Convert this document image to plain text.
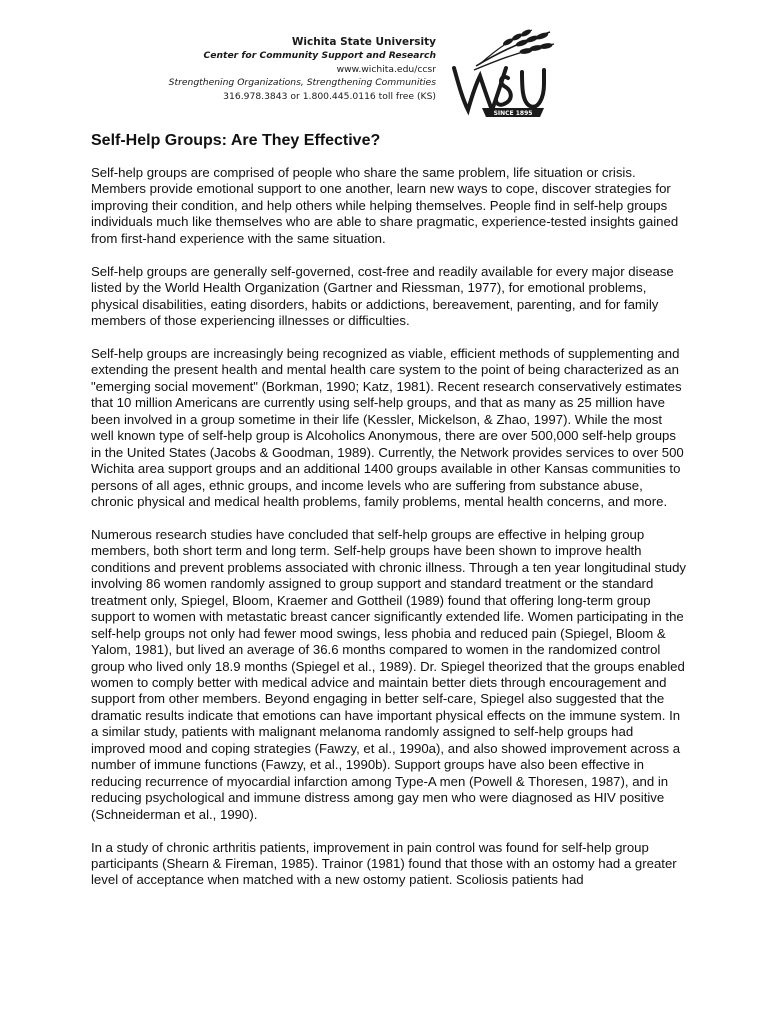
Wichita State University
Center for Community Support and Research
www.wichita.edu/ccsr
Strengthening Organizations, Strengthening Communities
316.978.3843 or 1.800.445.0116 toll free (KS)
SINCE 1895
Self-Help Groups: Are They Effective?

Self-help groups are comprised of people who share the same problem, life situation or crisis. Members provide emotional support to one another, learn new ways to cope, discover strategies for improving their condition, and help others while helping themselves. People find in self-help groups individuals much like themselves who are able to share pragmatic, experience-tested insights gained from first-hand experience with the same situation.

Self-help groups are generally self-governed, cost-free and readily available for every major disease listed by the World Health Organization (Gartner and Riessman, 1977), for emotional problems, physical disabilities, eating disorders, habits or addictions, bereavement, parenting, and for family members of those experiencing illnesses or difficulties.

Self-help groups are increasingly being recognized as viable, efficient methods of supplementing and extending the present health and mental health care system to the point of being characterized as an "emerging social movement" (Borkman, 1990; Katz, 1981). Recent research conservatively estimates that 10 million Americans are currently using self-help groups, and that as many as 25 million have been involved in a group sometime in their life (Kessler, Mickelson, & Zhao, 1997). While the most well known type of self-help group is Alcoholics Anonymous, there are over 500,000 self-help groups in the United States (Jacobs & Goodman, 1989). Currently, the Network provides services to over 500 Wichita area support groups and an additional 1400 groups available in other Kansas communities to persons of all ages, ethnic groups, and income levels who are suffering from substance abuse, chronic physical and medical health problems, family problems, mental health concerns, and more.

Numerous research studies have concluded that self-help groups are effective in helping group members, both short term and long term. Self-help groups have been shown to improve health conditions and prevent problems associated with chronic illness. Through a ten year longitudinal study involving 86 women randomly assigned to group support and standard treatment or the standard treatment only, Spiegel, Bloom, Kraemer and Gottheil (1989) found that offering long-term group support to women with metastatic breast cancer significantly extended life. Women participating in the self-help groups not only had fewer mood swings, less phobia and reduced pain (Spiegel, Bloom & Yalom, 1981), but lived an average of 36.6 months compared to women in the randomized control group who lived only 18.9 months (Spiegel et al., 1989). Dr. Spiegel theorized that the groups enabled women to comply better with medical advice and maintain better diets through encouragement and support from other members. Beyond engaging in better self-care, Spiegel also suggested that the dramatic results indicate that emotions can have important physical effects on the immune system. In a similar study, patients with malignant melanoma randomly assigned to self-help groups had improved mood and coping strategies (Fawzy, et al., 1990a), and also showed improvement across a number of immune functions (Fawzy, et al., 1990b). Support groups have also been effective in reducing recurrence of myocardial infarction among Type-A men (Powell & Thoresen, 1987), and in reducing psychological and immune distress among gay men who were diagnosed as HIV positive (Schneiderman et al., 1990).

In a study of chronic arthritis patients, improvement in pain control was found for self-help group participants (Shearn & Fireman, 1985). Trainor (1981) found that those with an ostomy had a greater level of acceptance when matched with a new ostomy patient. Scoliosis patients had
